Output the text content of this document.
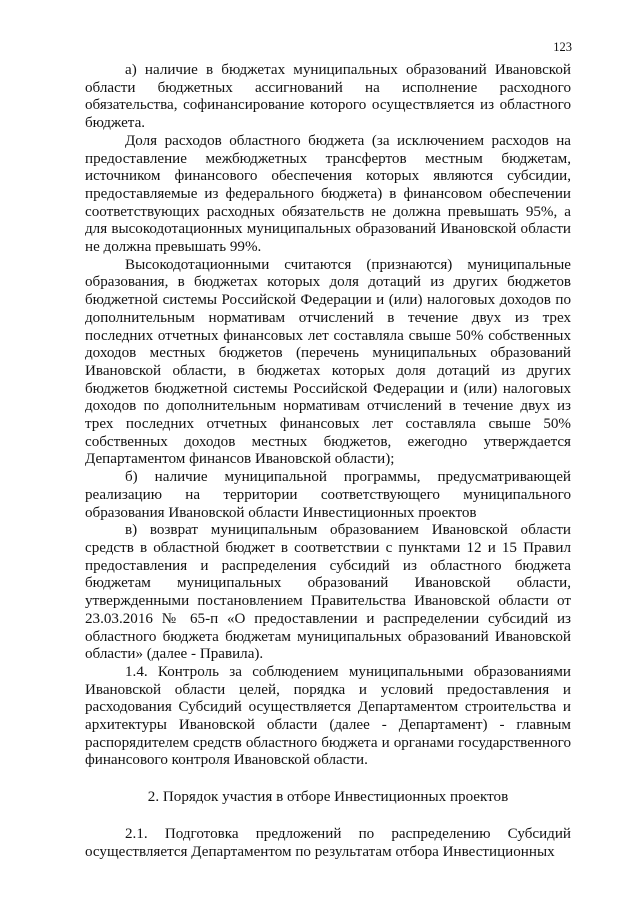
123

а) наличие в бюджетах муниципальных образований Ивановской области бюджетных ассигнований на исполнение расходного обязательства, софинансирование которого осуществляется из областного бюджета.

Доля расходов областного бюджета (за исключением расходов на предоставление межбюджетных трансфертов местным бюджетам, источником финансового обеспечения которых являются субсидии, предоставляемые из федерального бюджета) в финансовом обеспечении соответствующих расходных обязательств не должна превышать 95%, а для высокодотационных муниципальных образований Ивановской области не должна превышать 99%.

Высокодотационными считаются (признаются) муниципальные образования, в бюджетах которых доля дотаций из других бюджетов бюджетной системы Российской Федерации и (или) налоговых доходов по дополнительным нормативам отчислений в течение двух из трех последних отчетных финансовых лет составляла свыше 50% собственных доходов местных бюджетов (перечень муниципальных образований Ивановской области, в бюджетах которых доля дотаций из других бюджетов бюджетной системы Российской Федерации и (или) налоговых доходов по дополнительным нормативам отчислений в течение двух из трех последних отчетных финансовых лет составляла свыше 50% собственных доходов местных бюджетов, ежегодно утверждается Департаментом финансов Ивановской области);

б) наличие муниципальной программы, предусматривающей реализацию на территории соответствующего муниципального образования Ивановской области Инвестиционных проектов

в) возврат муниципальным образованием Ивановской области средств в областной бюджет в соответствии с пунктами 12 и 15 Правил предоставления и распределения субсидий из областного бюджета бюджетам муниципальных образований Ивановской области, утвержденными постановлением Правительства Ивановской области от 23.03.2016 № 65-п «О предоставлении и распределении субсидий из областного бюджета бюджетам муниципальных образований Ивановской области» (далее - Правила).

1.4. Контроль за соблюдением муниципальными образованиями Ивановской области целей, порядка и условий предоставления и расходования Субсидий осуществляется Департаментом строительства и архитектуры Ивановской области (далее - Департамент) - главным распорядителем средств областного бюджета и органами государственного финансового контроля Ивановской области.

2. Порядок участия в отборе Инвестиционных проектов

2.1. Подготовка предложений по распределению Субсидий осуществляется Департаментом по результатам отбора Инвестиционных
